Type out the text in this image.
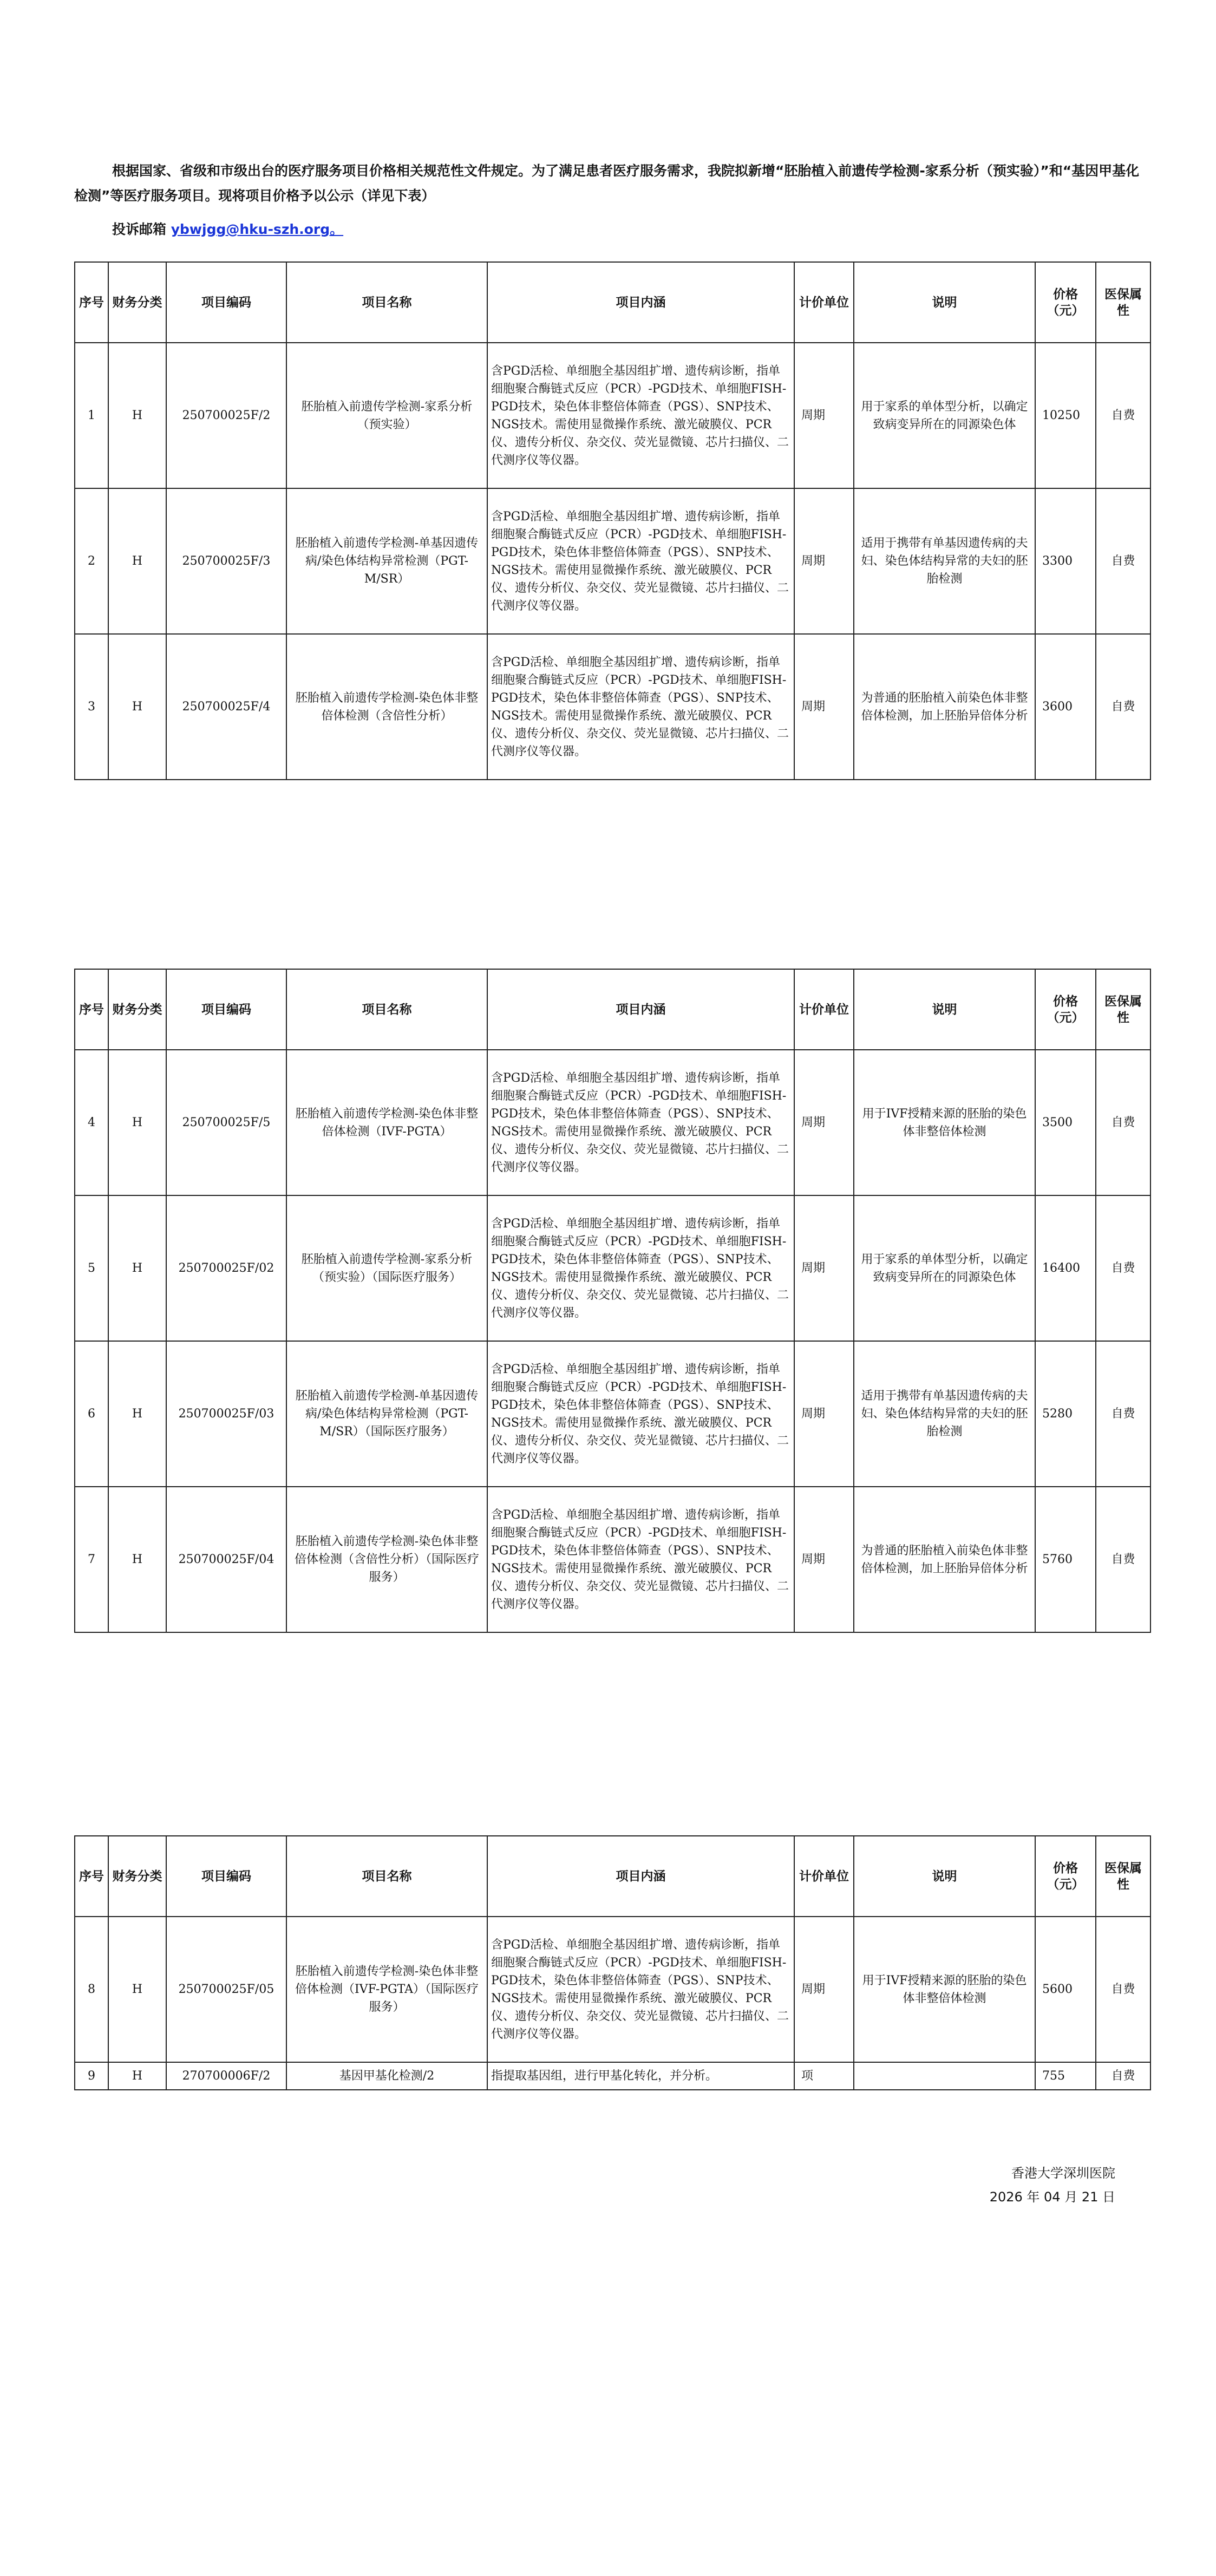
根据国家、省级和市级出台的医疗服务项目价格相关规范性文件规定。为了满足患者医疗服务需求，我院拟新增“胚胎植入前遗传学检测-家系分析（预实验）”和“基因甲基化检测”等医疗服务项目。现将项目价格予以公示（详见下表）

投诉邮箱 ybwjgg@hku-szh.org。
序号	财务分类	项目编码	项目名称	项目内涵	计价单位	说明	价格（元）	医保属性
1	H	250700025F/2	胚胎植入前遗传学检测-家系分析（预实验）	含PGD活检、单细胞全基因组扩增、遗传病诊断，指单细胞聚合酶链式反应（PCR）-PGD技术、单细胞FISH-PGD技术，染色体非整倍体筛查（PGS）、SNP技术、NGS技术。需使用显微操作系统、激光破膜仪、PCR仪、遗传分析仪、杂交仪、荧光显微镜、芯片扫描仪、二代测序仪等仪器。	周期	用于家系的单体型分析，以确定致病变异所在的同源染色体	10250	自费
2	H	250700025F/3	胚胎植入前遗传学检测-单基因遗传病/染色体结构异常检测（PGT-M/SR）	含PGD活检、单细胞全基因组扩增、遗传病诊断，指单细胞聚合酶链式反应（PCR）-PGD技术、单细胞FISH-PGD技术，染色体非整倍体筛查（PGS）、SNP技术、NGS技术。需使用显微操作系统、激光破膜仪、PCR仪、遗传分析仪、杂交仪、荧光显微镜、芯片扫描仪、二代测序仪等仪器。	周期	适用于携带有单基因遗传病的夫妇、染色体结构异常的夫妇的胚胎检测	3300	自费
3	H	250700025F/4	胚胎植入前遗传学检测-染色体非整倍体检测（含倍性分析）	含PGD活检、单细胞全基因组扩增、遗传病诊断，指单细胞聚合酶链式反应（PCR）-PGD技术、单细胞FISH-PGD技术，染色体非整倍体筛查（PGS）、SNP技术、NGS技术。需使用显微操作系统、激光破膜仪、PCR仪、遗传分析仪、杂交仪、荧光显微镜、芯片扫描仪、二代测序仪等仪器。	周期	为普通的胚胎植入前染色体非整倍体检测，加上胚胎异倍体分析	3600	自费
序号	财务分类	项目编码	项目名称	项目内涵	计价单位	说明	价格（元）	医保属性
4	H	250700025F/5	胚胎植入前遗传学检测-染色体非整倍体检测（IVF-PGTA）	含PGD活检、单细胞全基因组扩增、遗传病诊断，指单细胞聚合酶链式反应（PCR）-PGD技术、单细胞FISH-PGD技术，染色体非整倍体筛查（PGS）、SNP技术、NGS技术。需使用显微操作系统、激光破膜仪、PCR仪、遗传分析仪、杂交仪、荧光显微镜、芯片扫描仪、二代测序仪等仪器。	周期	用于IVF授精来源的胚胎的染色体非整倍体检测	3500	自费
5	H	250700025F/02	胚胎植入前遗传学检测-家系分析（预实验）（国际医疗服务）	含PGD活检、单细胞全基因组扩增、遗传病诊断，指单细胞聚合酶链式反应（PCR）-PGD技术、单细胞FISH-PGD技术，染色体非整倍体筛查（PGS）、SNP技术、NGS技术。需使用显微操作系统、激光破膜仪、PCR仪、遗传分析仪、杂交仪、荧光显微镜、芯片扫描仪、二代测序仪等仪器。	周期	用于家系的单体型分析，以确定致病变异所在的同源染色体	16400	自费
6	H	250700025F/03	胚胎植入前遗传学检测-单基因遗传病/染色体结构异常检测（PGT-M/SR）（国际医疗服务）	含PGD活检、单细胞全基因组扩增、遗传病诊断，指单细胞聚合酶链式反应（PCR）-PGD技术、单细胞FISH-PGD技术，染色体非整倍体筛查（PGS）、SNP技术、NGS技术。需使用显微操作系统、激光破膜仪、PCR仪、遗传分析仪、杂交仪、荧光显微镜、芯片扫描仪、二代测序仪等仪器。	周期	适用于携带有单基因遗传病的夫妇、染色体结构异常的夫妇的胚胎检测	5280	自费
7	H	250700025F/04	胚胎植入前遗传学检测-染色体非整倍体检测（含倍性分析）（国际医疗服务）	含PGD活检、单细胞全基因组扩增、遗传病诊断，指单细胞聚合酶链式反应（PCR）-PGD技术、单细胞FISH-PGD技术，染色体非整倍体筛查（PGS）、SNP技术、NGS技术。需使用显微操作系统、激光破膜仪、PCR仪、遗传分析仪、杂交仪、荧光显微镜、芯片扫描仪、二代测序仪等仪器。	周期	为普通的胚胎植入前染色体非整倍体检测，加上胚胎异倍体分析	5760	自费
序号	财务分类	项目编码	项目名称	项目内涵	计价单位	说明	价格（元）	医保属性
8	H	250700025F/05	胚胎植入前遗传学检测-染色体非整倍体检测（IVF-PGTA）（国际医疗服务）	含PGD活检、单细胞全基因组扩增、遗传病诊断，指单细胞聚合酶链式反应（PCR）-PGD技术、单细胞FISH-PGD技术，染色体非整倍体筛查（PGS）、SNP技术、NGS技术。需使用显微操作系统、激光破膜仪、PCR仪、遗传分析仪、杂交仪、荧光显微镜、芯片扫描仪、二代测序仪等仪器。	周期	用于IVF授精来源的胚胎的染色体非整倍体检测	5600	自费
9	H	270700006F/2	基因甲基化检测/2	指提取基因组，进行甲基化转化，并分析。	项		755	自费
香港大学深圳医院
2026 年 04 月 21 日
